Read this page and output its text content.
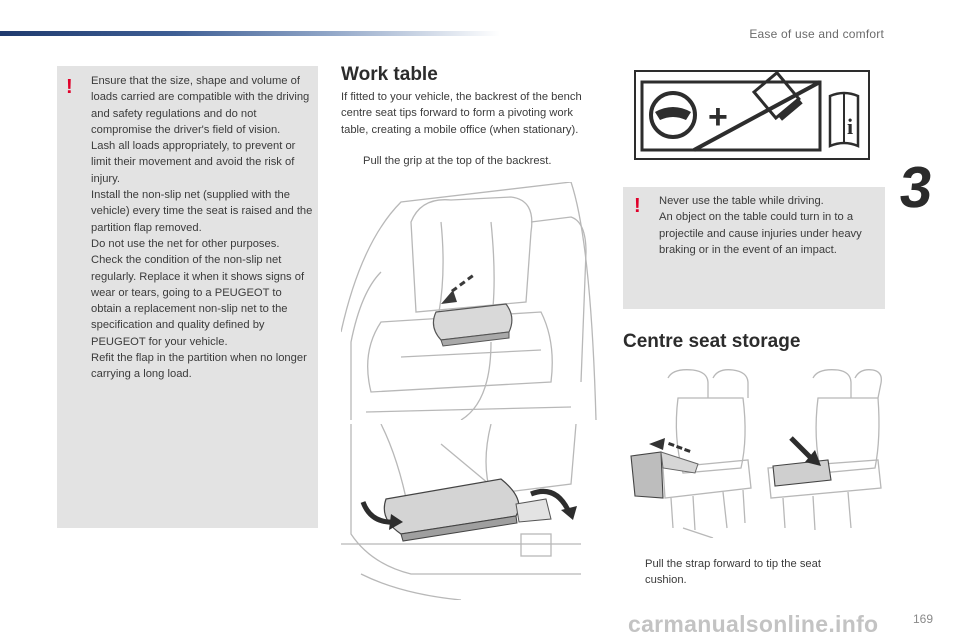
Ease of use and comfort
3
! Ensure that the size, shape and volume of loads carried are compatible with the driving and safety regulations and do not compromise the driver's field of vision.
Lash all loads appropriately, to prevent or limit their movement and avoid the risk of injury.
Install the non-slip net (supplied with the vehicle) every time the seat is raised and the partition flap removed.
Do not use the net for other purposes.
Check the condition of the non-slip net regularly. Replace it when it shows signs of wear or tears, going to a PEUGEOT to obtain a replacement non-slip net to the specification and quality defined by PEUGEOT for your vehicle.
Refit the flap in the partition when no longer carrying a long load.
Work table
If fitted to your vehicle, the backrest of the bench centre seat tips forward to form a pivoting work table, creating a mobile office (when stationary).
Pull the grip at the top of the backrest.
+	i
! Never use the table while driving.
An object on the table could turn in to a projectile and cause injuries under heavy braking or in the event of an impact.
Centre seat storage
Pull the strap forward to tip the seat cushion.
169
carmanualsonline.info
